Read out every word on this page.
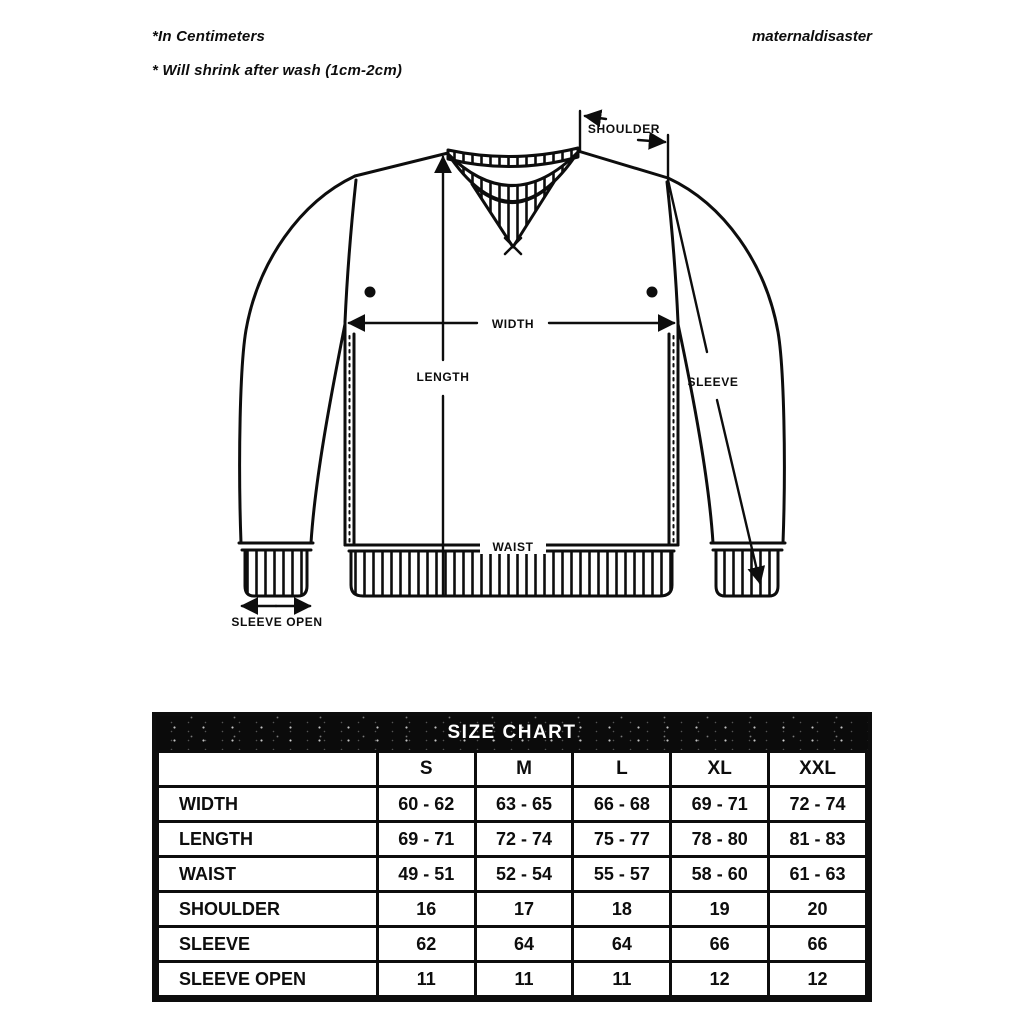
*In Centimeters
* Will shrink after wash (1cm-2cm)
maternaldisaster
SHOULDER
WIDTH
LENGTH	SLEEVE
WAIST
SLEEVE OPEN
SIZE CHART
	S	M	L	XL	XXL
WIDTH	60 - 62	63 - 65	66 - 68	69 - 71	72 - 74
LENGTH	69 - 71	72 - 74	75 - 77	78 - 80	81 - 83
WAIST	49 - 51	52 - 54	55 - 57	58 - 60	61 - 63
SHOULDER	16	17	18	19	20
SLEEVE	62	64	64	66	66
SLEEVE OPEN	11	11	11	12	12
